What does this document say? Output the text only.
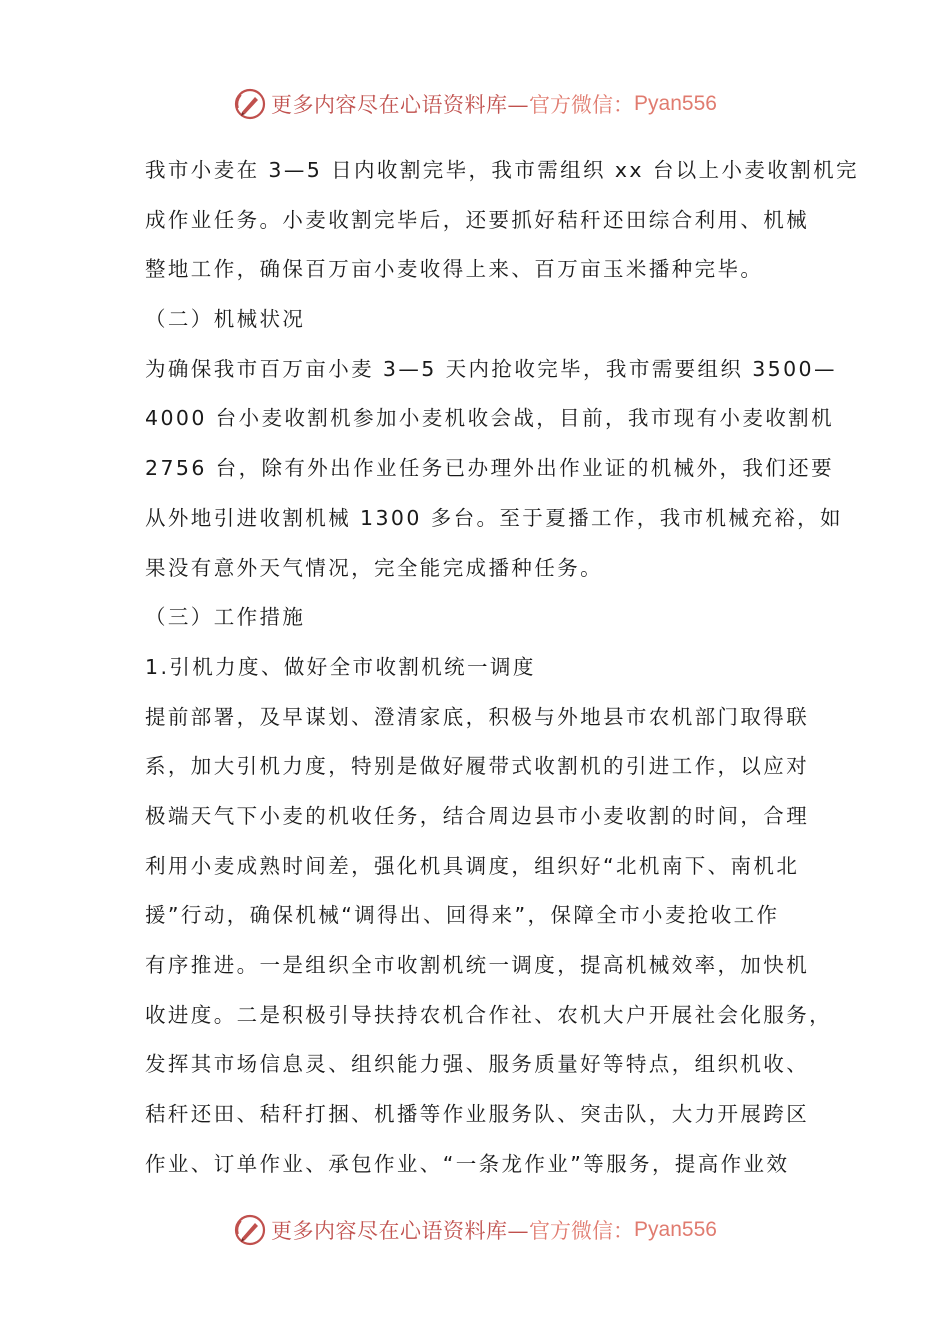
更多内容尽在心语资料库— 官方微信： Pyan556
我市小麦在 3—5 日内收割完毕，我市需组织 xx 台以上小麦收割机完
成作业任务。小麦收割完毕后，还要抓好秸秆还田综合利用、机械
整地工作，确保百万亩小麦收得上来、百万亩玉米播种完毕。
（二）机械状况
为确保我市百万亩小麦 3—5 天内抢收完毕，我市需要组织 3500—
4000 台小麦收割机参加小麦机收会战，目前，我市现有小麦收割机
2756 台，除有外出作业任务已办理外出作业证的机械外，我们还要
从外地引进收割机械 1300 多台。至于夏播工作，我市机械充裕，如
果没有意外天气情况，完全能完成播种任务。
（三）工作措施
1.引机力度、做好全市收割机统一调度
提前部署，及早谋划、澄清家底，积极与外地县市农机部门取得联
系，加大引机力度，特别是做好履带式收割机的引进工作，以应对
极端天气下小麦的机收任务，结合周边县市小麦收割的时间，合理
利用小麦成熟时间差，强化机具调度，组织好“北机南下、南机北
援”行动，确保机械“调得出、回得来”，保障全市小麦抢收工作
有序推进。一是组织全市收割机统一调度，提高机械效率，加快机
收进度。二是积极引导扶持农机合作社、农机大户开展社会化服务，
发挥其市场信息灵、组织能力强、服务质量好等特点，组织机收、
秸秆还田、秸秆打捆、机播等作业服务队、突击队，大力开展跨区
作业、订单作业、承包作业、“一条龙作业”等服务，提高作业效
更多内容尽在心语资料库— 官方微信： Pyan556
